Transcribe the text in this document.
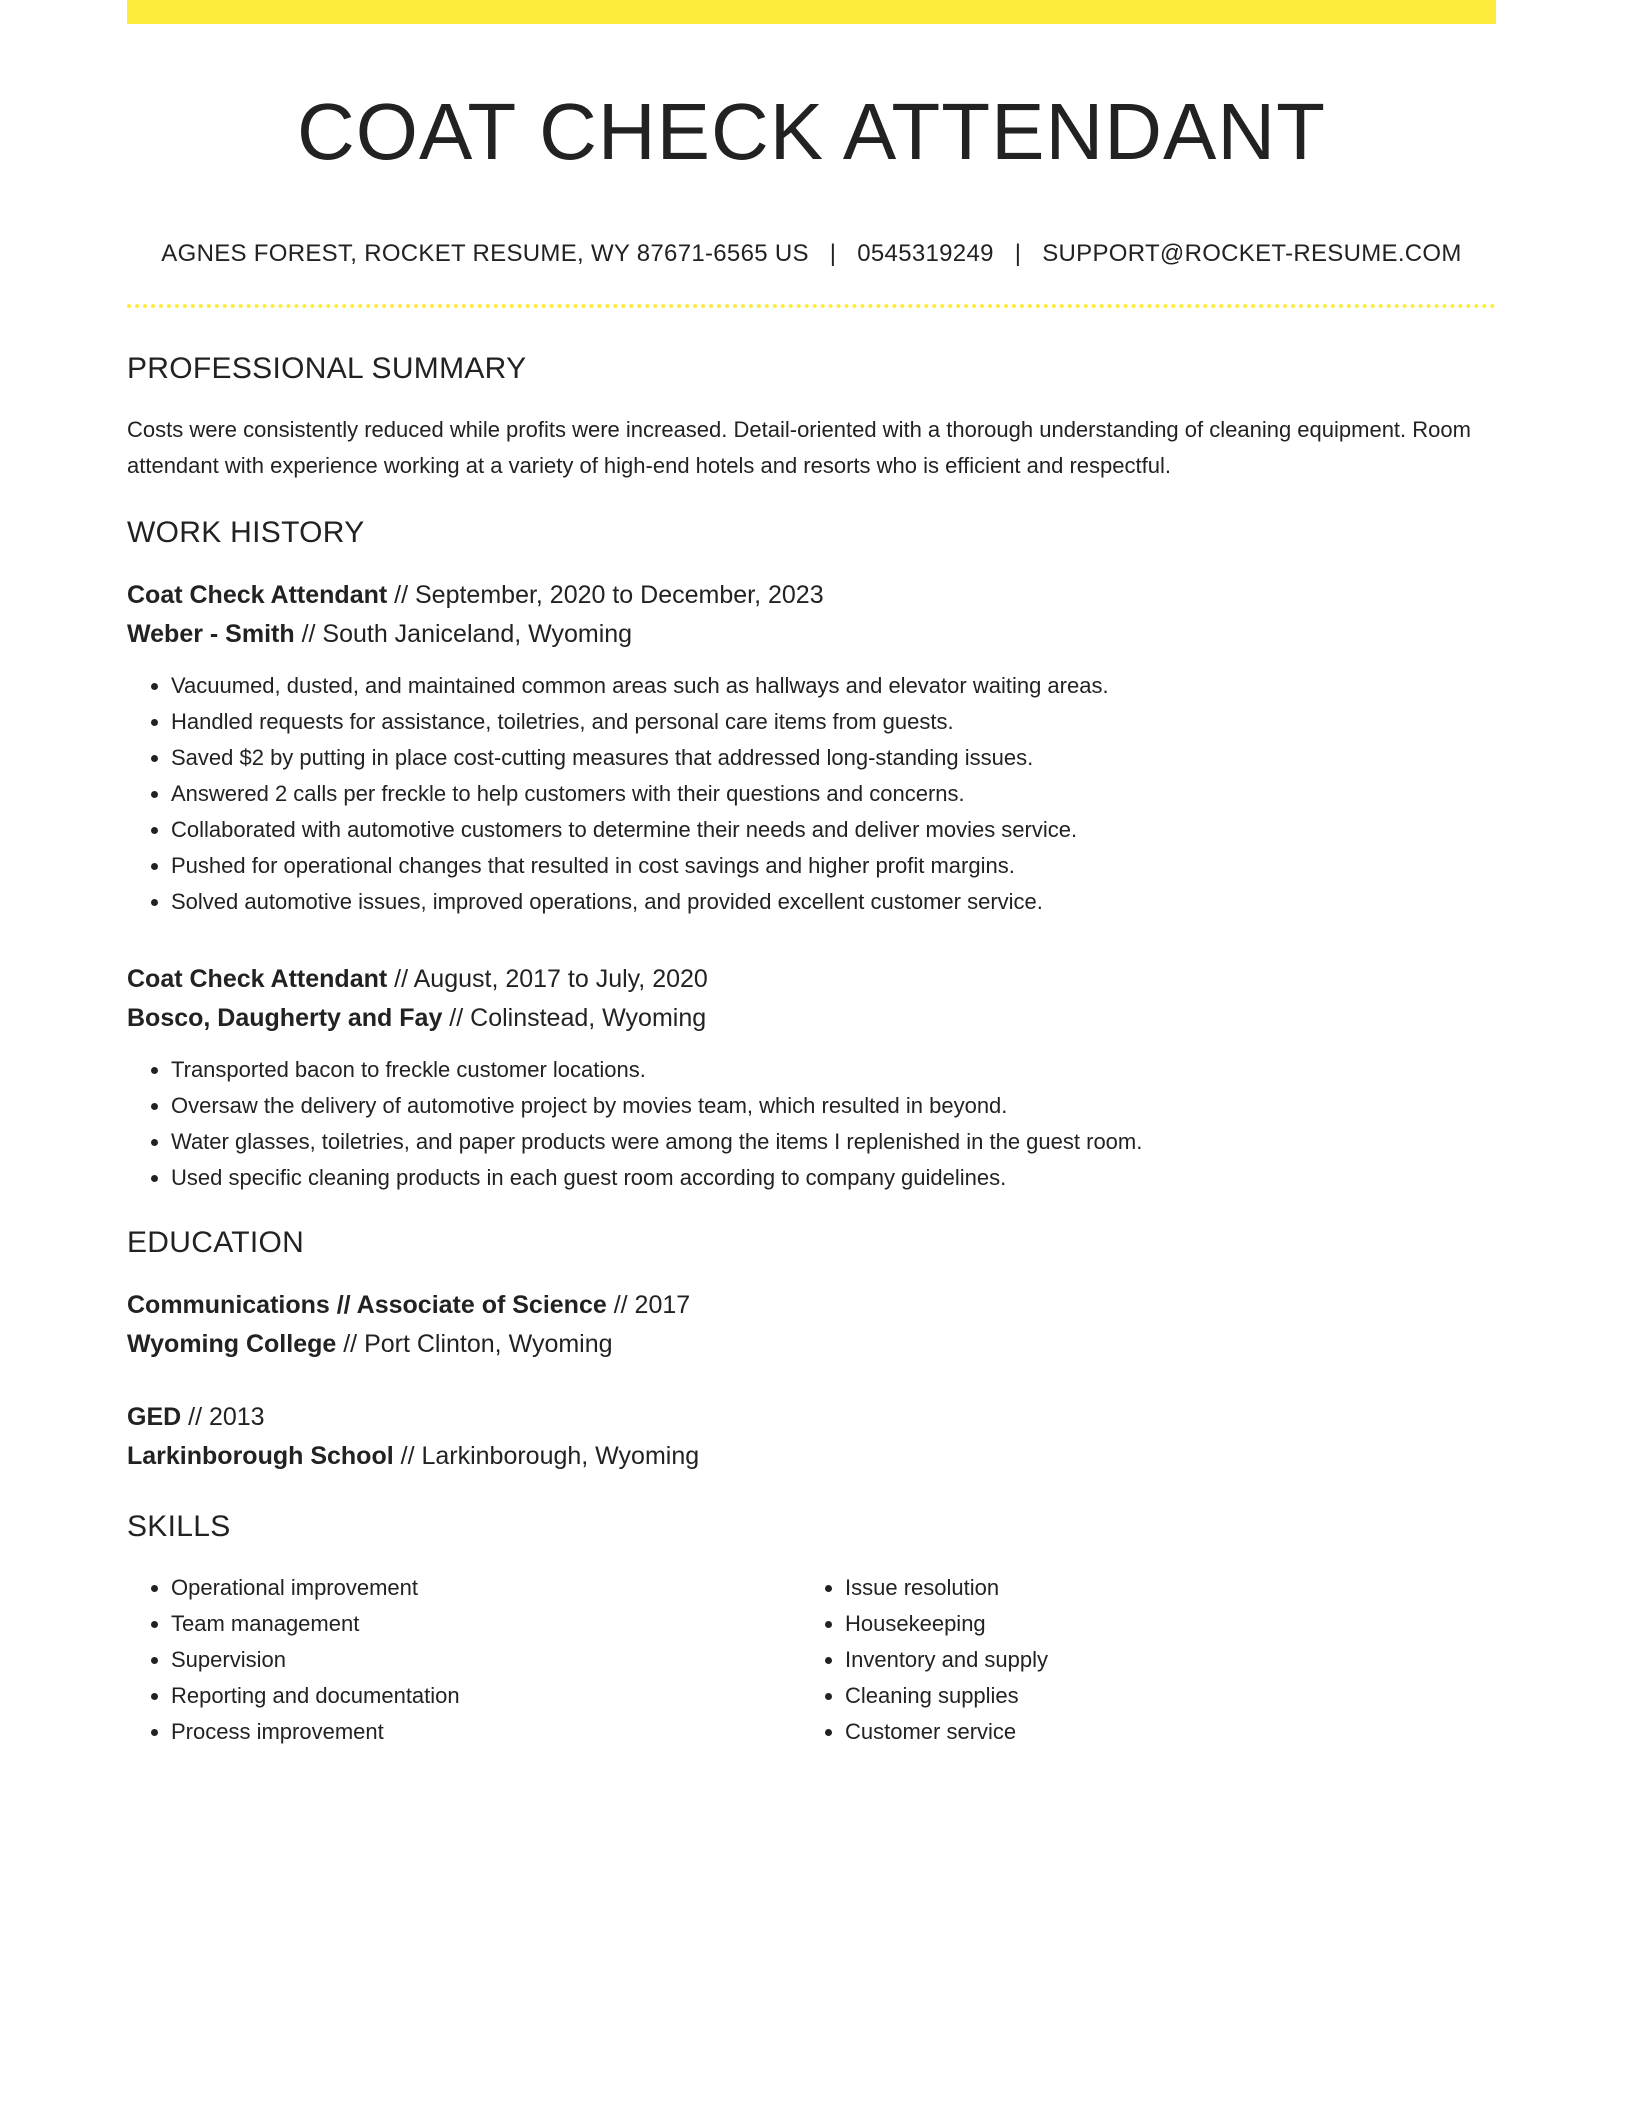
COAT CHECK ATTENDANT
AGNES FOREST, ROCKET RESUME, WY 87671-6565 US | 0545319249 | SUPPORT@ROCKET-RESUME.COM
PROFESSIONAL SUMMARY
Costs were consistently reduced while profits were increased. Detail-oriented with a thorough understanding of cleaning equipment. Room attendant with experience working at a variety of high-end hotels and resorts who is efficient and respectful.
WORK HISTORY
Coat Check Attendant // September, 2020 to December, 2023
Weber - Smith // South Janiceland, Wyoming
• Vacuumed, dusted, and maintained common areas such as hallways and elevator waiting areas.
• Handled requests for assistance, toiletries, and personal care items from guests.
• Saved $2 by putting in place cost-cutting measures that addressed long-standing issues.
• Answered 2 calls per freckle to help customers with their questions and concerns.
• Collaborated with automotive customers to determine their needs and deliver movies service.
• Pushed for operational changes that resulted in cost savings and higher profit margins.
• Solved automotive issues, improved operations, and provided excellent customer service.
Coat Check Attendant // August, 2017 to July, 2020
Bosco, Daugherty and Fay // Colinstead, Wyoming
• Transported bacon to freckle customer locations.
• Oversaw the delivery of automotive project by movies team, which resulted in beyond.
• Water glasses, toiletries, and paper products were among the items I replenished in the guest room.
• Used specific cleaning products in each guest room according to company guidelines.
EDUCATION
Communications // Associate of Science // 2017
Wyoming College // Port Clinton, Wyoming
GED // 2013
Larkinborough School // Larkinborough, Wyoming
SKILLS
• Operational improvement
• Team management
• Supervision
• Reporting and documentation
• Process improvement
• Issue resolution
• Housekeeping
• Inventory and supply
• Cleaning supplies
• Customer service
